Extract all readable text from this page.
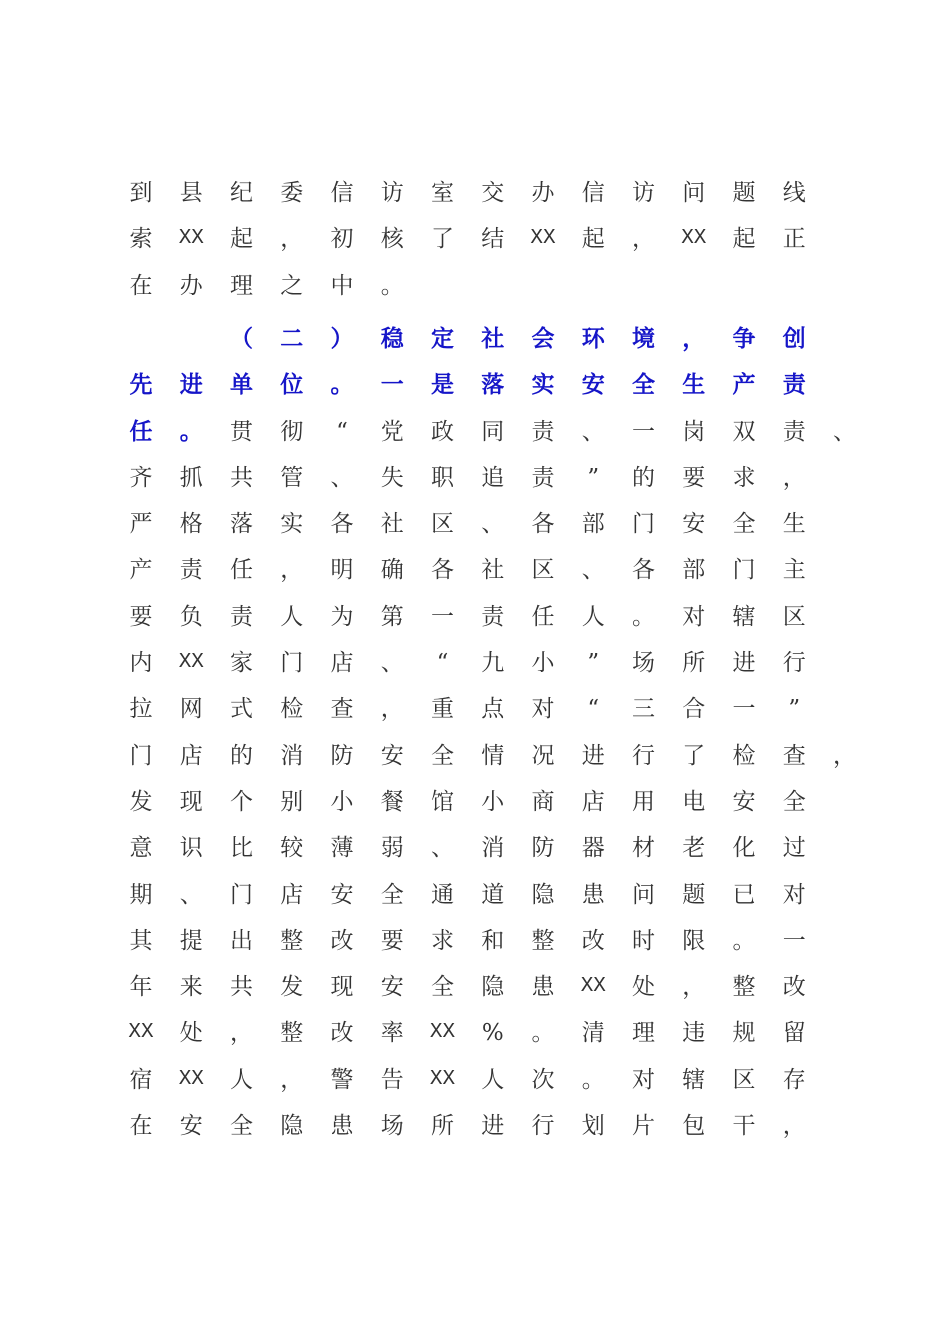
到	县	纪	委	信	访	室	交	办	信	访	问	题	线
索	XX	起	，	初	核	了	结	XX	起	，	XX	起	正
在	办	理	之	中	。
（	二	）	稳	定	社	会	环	境	，	争	创
先	进	单	位	。	一	是	落	实	安	全	生	产	责
任	。	贯	彻	“	党	政	同	责	、	一	岗	双	责	、
齐	抓	共	管	、	失	职	追	责	”	的	要	求	，
严	格	落	实	各	社	区	、	各	部	门	安	全	生
产	责	任	，	明	确	各	社	区	、	各	部	门	主
要	负	责	人	为	第	一	责	任	人	。	对	辖	区
内	XX	家	门	店	、	“	九	小	”	场	所	进	行
拉	网	式	检	查	，	重	点	对	“	三	合	一	”
门	店	的	消	防	安	全	情	况	进	行	了	检	查	，
发	现	个	别	小	餐	馆	小	商	店	用	电	安	全
意	识	比	较	薄	弱	、	消	防	器	材	老	化	过
期	、	门	店	安	全	通	道	隐	患	问	题	已	对
其	提	出	整	改	要	求	和	整	改	时	限	。	一
年	来	共	发	现	安	全	隐	患	XX	处	，	整	改
XX	处	，	整	改	率	XX	%	。	清	理	违	规	留
宿	XX	人	，	警	告	XX	人	次	。	对	辖	区	存
在	安	全	隐	患	场	所	进	行	划	片	包	干	，
